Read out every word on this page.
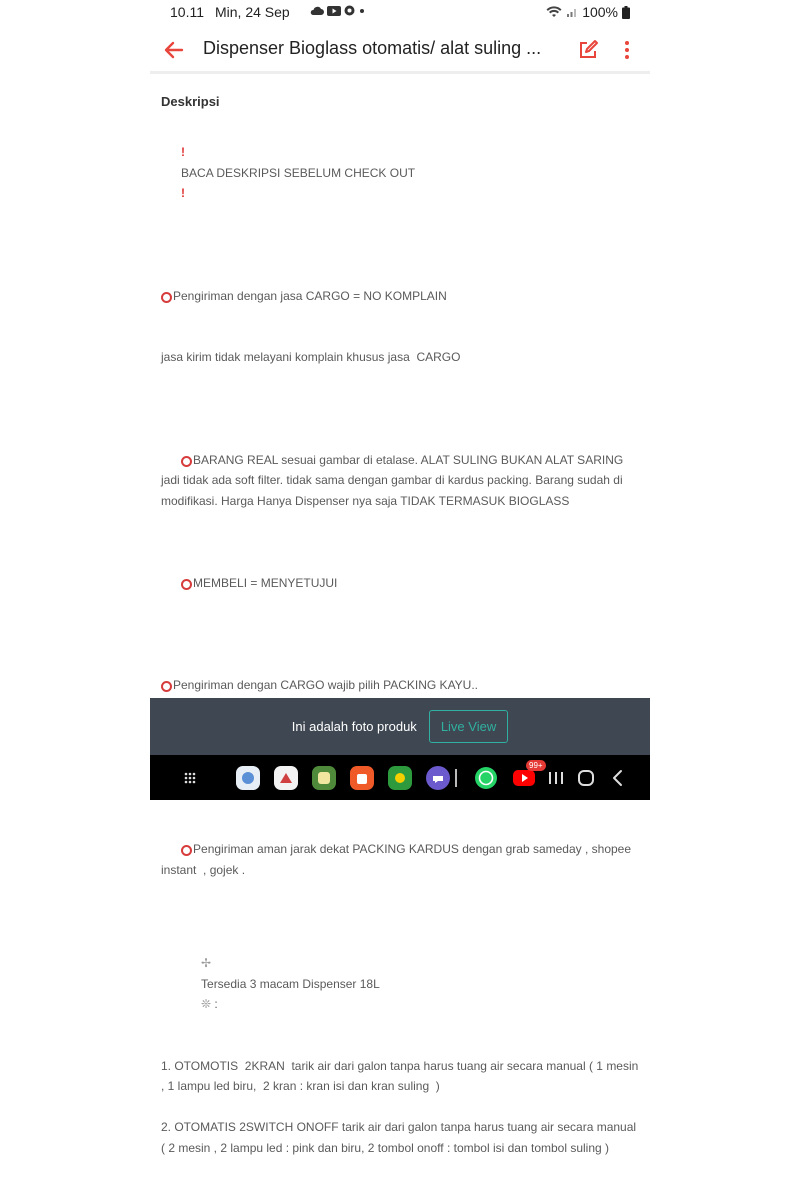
10.11 Min, 24 Sep	100%
Dispenser Bioglass otomatis/ alat suling ...
Deskripsi

!
BACA DESKRIPSI SEBELUM CHECK OUT
!

Pengiriman dengan jasa CARGO = NO KOMPLAIN

jasa kirim tidak melayani komplain khusus jasa  CARGO

BARANG REAL sesuai gambar di etalase. ALAT SULING BUKAN ALAT SARING jadi tidak ada soft filter. tidak sama dengan gambar di kardus packing. Barang sudah di modifikasi. Harga Hanya Dispenser nya saja TIDAK TERMASUK BIOGLASS

MEMBELI = MENYETUJUI

Pengiriman dengan CARGO wajib pilih PACKING KAYU..

Pengiriman aman jarak dekat PACKING KARDUS dengan grab sameday , shopee instant  , gojek .

✢
Tersedia 3 macam Dispenser 18L
❊ :

1. OTOMOTIS  2KRAN  tarik air dari galon tanpa harus tuang air secara manual ( 1 mesin , 1 lampu led biru,  2 kran : kran isi dan kran suling  )
2. OTOMATIS 2SWITCH ONOFF tarik air dari galon tanpa harus tuang air secara manual ( 2 mesin , 2 lampu led : pink dan biru, 2 tombol onoff : tombol isi dan tombol suling )
Ini adalah foto produk	Live View
99+
